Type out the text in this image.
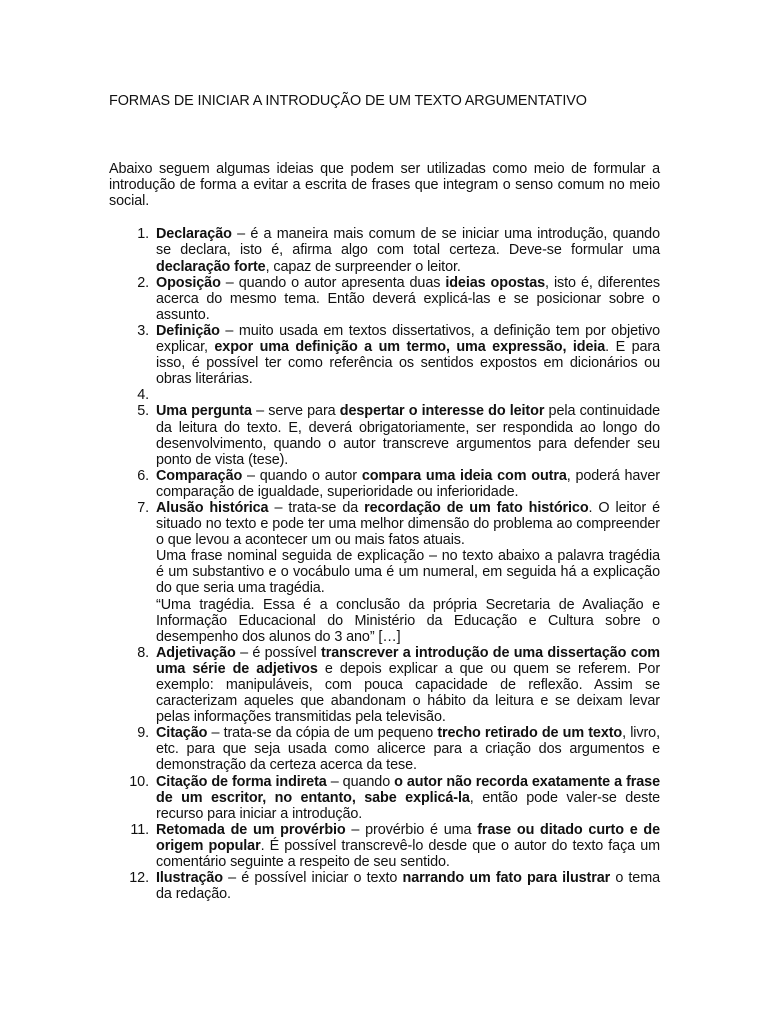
FORMAS DE INICIAR A INTRODUÇÃO DE UM TEXTO ARGUMENTATIVO

Abaixo seguem algumas ideias que podem ser utilizadas como meio de formular a introdução de forma a evitar a escrita de frases que integram o senso comum no meio social.

1. Declaração – é a maneira mais comum de se iniciar uma introdução, quando se declara, isto é, afirma algo com total certeza. Deve-se formular uma declaração forte, capaz de surpreender o leitor.
2. Oposição – quando o autor apresenta duas ideias opostas, isto é, diferentes acerca do mesmo tema. Então deverá explicá-las e se posicionar sobre o assunto.
3. Definição – muito usada em textos dissertativos, a definição tem por objetivo explicar, expor uma definição a um termo, uma expressão, ideia. E para isso, é possível ter como referência os sentidos expostos em dicionários ou obras literárias.
4.

5. Uma pergunta – serve para despertar o interesse do leitor pela continuidade da leitura do texto. E, deverá obrigatoriamente, ser respondida ao longo do desenvolvimento, quando o autor transcreve argumentos para defender seu ponto de vista (tese).
6. Comparação – quando o autor compara uma ideia com outra, poderá haver comparação de igualdade, superioridade ou inferioridade.
7. Alusão histórica – trata-se da recordação de um fato histórico. O leitor é situado no texto e pode ter uma melhor dimensão do problema ao compreender o que levou a acontecer um ou mais fatos atuais.
Uma frase nominal seguida de explicação – no texto abaixo a palavra tragédia é um substantivo e o vocábulo uma é um numeral, em seguida há a explicação do que seria uma tragédia.
“Uma tragédia. Essa é a conclusão da própria Secretaria de Avaliação e Informação Educacional do Ministério da Educação e Cultura sobre o desempenho dos alunos do 3 ano” […]
8. Adjetivação – é possível transcrever a introdução de uma dissertação com uma série de adjetivos e depois explicar a que ou quem se referem. Por exemplo: manipuláveis, com pouca capacidade de reflexão. Assim se caracterizam aqueles que abandonam o hábito da leitura e se deixam levar pelas informações transmitidas pela televisão.
9. Citação – trata-se da cópia de um pequeno trecho retirado de um texto, livro, etc. para que seja usada como alicerce para a criação dos argumentos e demonstração da certeza acerca da tese.
10. Citação de forma indireta – quando o autor não recorda exatamente a frase de um escritor, no entanto, sabe explicá-la, então pode valer-se deste recurso para iniciar a introdução.
11. Retomada de um provérbio – provérbio é uma frase ou ditado curto e de origem popular. É possível transcrevê-lo desde que o autor do texto faça um comentário seguinte a respeito de seu sentido.
12. Ilustração – é possível iniciar o texto narrando um fato para ilustrar o tema da redação.
